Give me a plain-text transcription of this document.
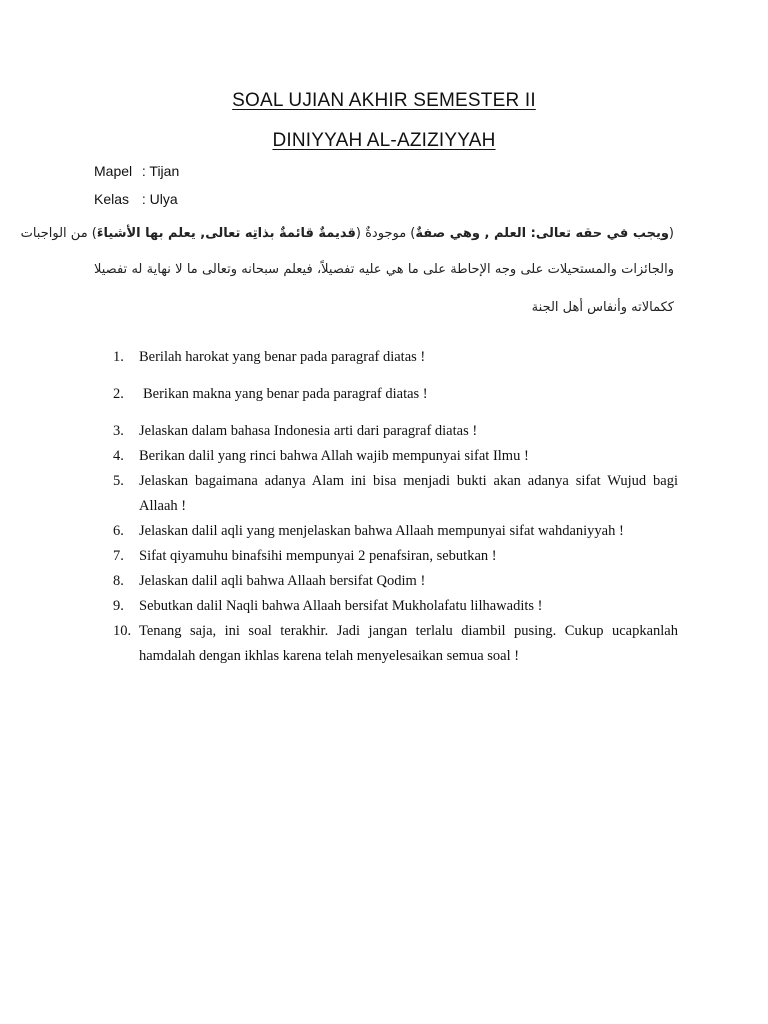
SOAL UJIAN AKHIR SEMESTER II
DINIYYAH AL-AZIZIYYAH
Mapel : Tijan
Kelas : Ulya
(ويجب في حقه تعالى: العلم , وهي صفةٌ) موجودةٌ (قديمةٌ قائمةٌ بذاتِه تعالى, يعلم بها الأشياءَ) من الواجبات
والجائزات والمستحيلات على وجه الإحاطة على ما هي عليه تفصيلاً، فيعلم سبحانه وتعالى ما لا نهاية له تفصيلا
ككمالاته وأنفاس أهل الجنة
1.	Berilah harokat yang benar pada paragraf diatas !
2.	Berikan makna yang benar pada paragraf diatas !
3.	Jelaskan dalam bahasa Indonesia arti dari paragraf diatas !
4.	Berikan dalil yang rinci bahwa Allah wajib mempunyai sifat Ilmu !
5.	Jelaskan bagaimana adanya Alam ini bisa menjadi bukti akan adanya sifat Wujud bagi Allaah !
6.	Jelaskan dalil aqli yang menjelaskan bahwa Allaah mempunyai sifat wahdaniyyah !
7.	Sifat qiyamuhu binafsihi mempunyai 2 penafsiran, sebutkan !
8.	Jelaskan dalil aqli bahwa Allaah bersifat Qodim !
9.	Sebutkan dalil Naqli bahwa Allaah bersifat Mukholafatu lilhawadits !
10. Tenang saja, ini soal terakhir. Jadi jangan terlalu diambil pusing. Cukup ucapkanlah hamdalah dengan ikhlas karena telah menyelesaikan semua soal !
